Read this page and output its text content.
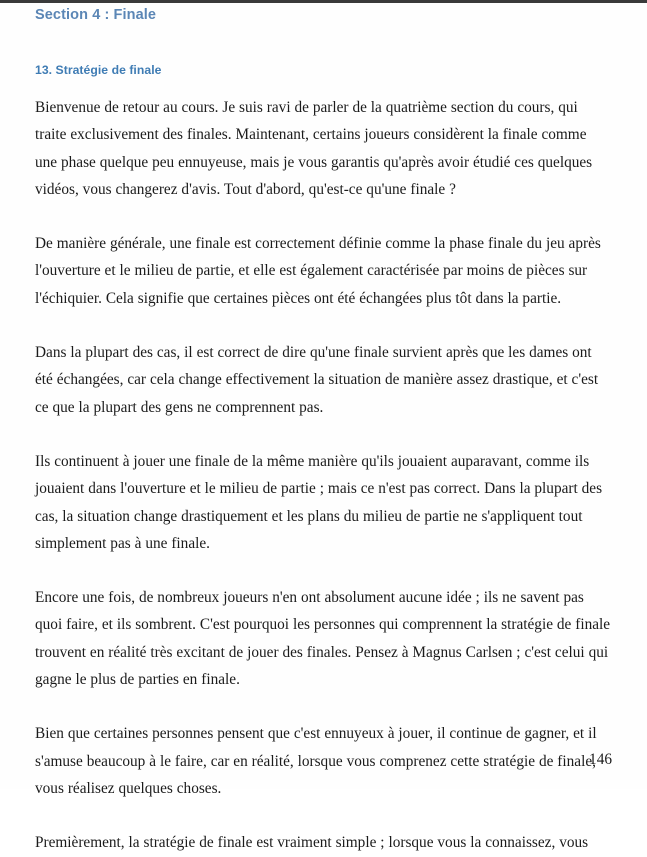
Section 4 : Finale
13. Stratégie de finale

Bienvenue de retour au cours. Je suis ravi de parler de la quatrième section du cours, qui traite exclusivement des finales. Maintenant, certains joueurs considèrent la finale comme une phase quelque peu ennuyeuse, mais je vous garantis qu'après avoir étudié ces quelques vidéos, vous changerez d'avis. Tout d'abord, qu'est-ce qu'une finale ?

De manière générale, une finale est correctement définie comme la phase finale du jeu après l'ouverture et le milieu de partie, et elle est également caractérisée par moins de pièces sur l'échiquier. Cela signifie que certaines pièces ont été échangées plus tôt dans la partie.

Dans la plupart des cas, il est correct de dire qu'une finale survient après que les dames ont été échangées, car cela change effectivement la situation de manière assez drastique, et c'est ce que la plupart des gens ne comprennent pas.

Ils continuent à jouer une finale de la même manière qu'ils jouaient auparavant, comme ils jouaient dans l'ouverture et le milieu de partie ; mais ce n'est pas correct. Dans la plupart des cas, la situation change drastiquement et les plans du milieu de partie ne s'appliquent tout simplement pas à une finale.

Encore une fois, de nombreux joueurs n'en ont absolument aucune idée ; ils ne savent pas quoi faire, et ils sombrent. C'est pourquoi les personnes qui comprennent la stratégie de finale trouvent en réalité très excitant de jouer des finales. Pensez à Magnus Carlsen ; c'est celui qui gagne le plus de parties en finale.

Bien que certaines personnes pensent que c'est ennuyeux à jouer, il continue de gagner, et il s'amuse beaucoup à le faire, car en réalité, lorsque vous comprenez cette stratégie de finale, vous réalisez quelques choses.

Premièrement, la stratégie de finale est vraiment simple ; lorsque vous la connaissez, vous

146
